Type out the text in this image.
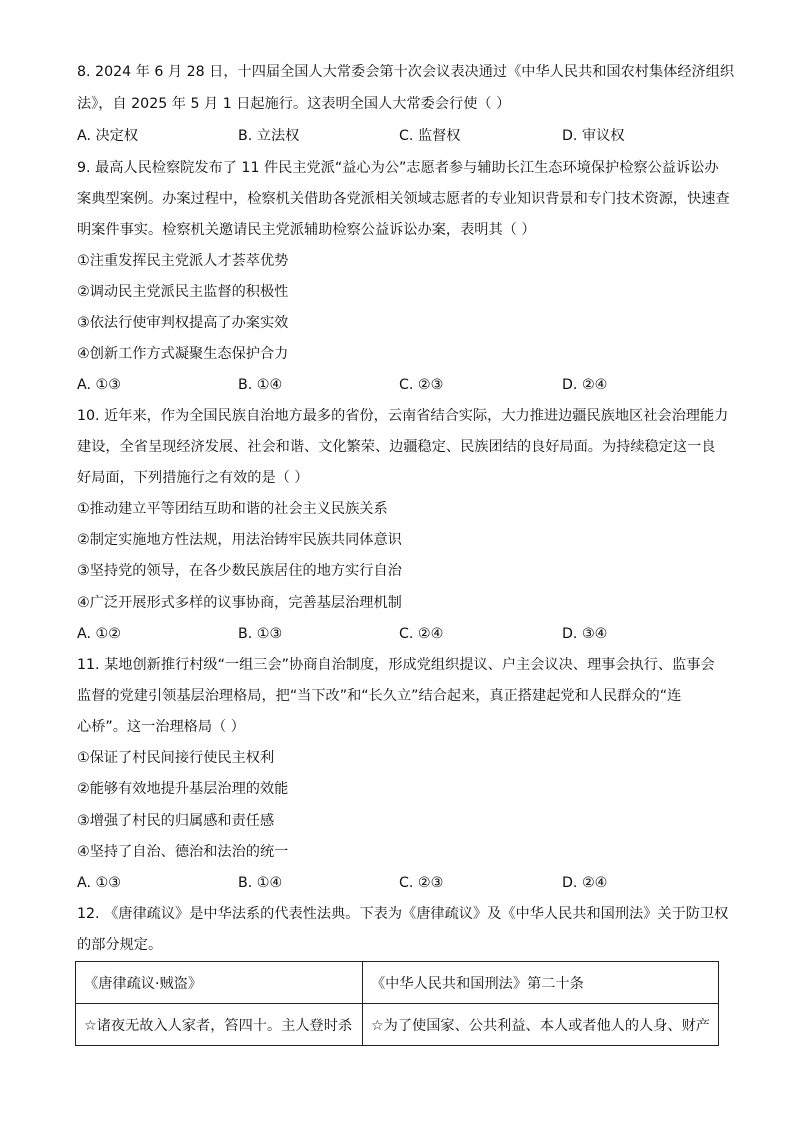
8. 2024 年 6 月 28 日，十四届全国人大常委会第十次会议表决通过《中华人民共和国农村集体经济组织
法》，自 2025 年 5 月 1 日起施行。这表明全国人大常委会行使（ ）
A. 决定权	B. 立法权	C. 监督权	D. 审议权
9. 最高人民检察院发布了 11 件民主党派“益心为公”志愿者参与辅助长江生态环境保护检察公益诉讼办
案典型案例。办案过程中，检察机关借助各党派相关领域志愿者的专业知识背景和专门技术资源，快速查
明案件事实。检察机关邀请民主党派辅助检察公益诉讼办案，表明其（ ）
①注重发挥民主党派人才荟萃优势
②调动民主党派民主监督的积极性
③依法行使审判权提高了办案实效
④创新工作方式凝聚生态保护合力
A. ①③	B. ①④	C. ②③	D. ②④
10. 近年来，作为全国民族自治地方最多的省份，云南省结合实际，大力推进边疆民族地区社会治理能力
建设，全省呈现经济发展、社会和谐、文化繁荣、边疆稳定、民族团结的良好局面。为持续稳定这一良
好局面，下列措施行之有效的是（ ）
①推动建立平等团结互助和谐的社会主义民族关系
②制定实施地方性法规，用法治铸牢民族共同体意识
③坚持党的领导，在各少数民族居住的地方实行自治
④广泛开展形式多样的议事协商，完善基层治理机制
A. ①②	B. ①③	C. ②④	D. ③④
11. 某地创新推行村级“一组三会”协商自治制度，形成党组织提议、户主会议决、理事会执行、监事会
监督的党建引领基层治理格局，把“当下改”和“长久立”结合起来，真正搭建起党和人民群众的“连
心桥”。这一治理格局（ ）
①保证了村民间接行使民主权利
②能够有效地提升基层治理的效能
③增强了村民的归属感和责任感
④坚持了自治、德治和法治的统一
A. ①③	B. ①④	C. ②③	D. ②④
12. 《唐律疏议》是中华法系的代表性法典。下表为《唐律疏议》及《中华人民共和国刑法》关于防卫权
的部分规定。
《唐律疏议·贼盗》	《中华人民共和国刑法》第二十条
☆诸夜无故入人家者，笞四十。主人登时杀	☆为了使国家、公共利益、本人或者他人的人身、财产
